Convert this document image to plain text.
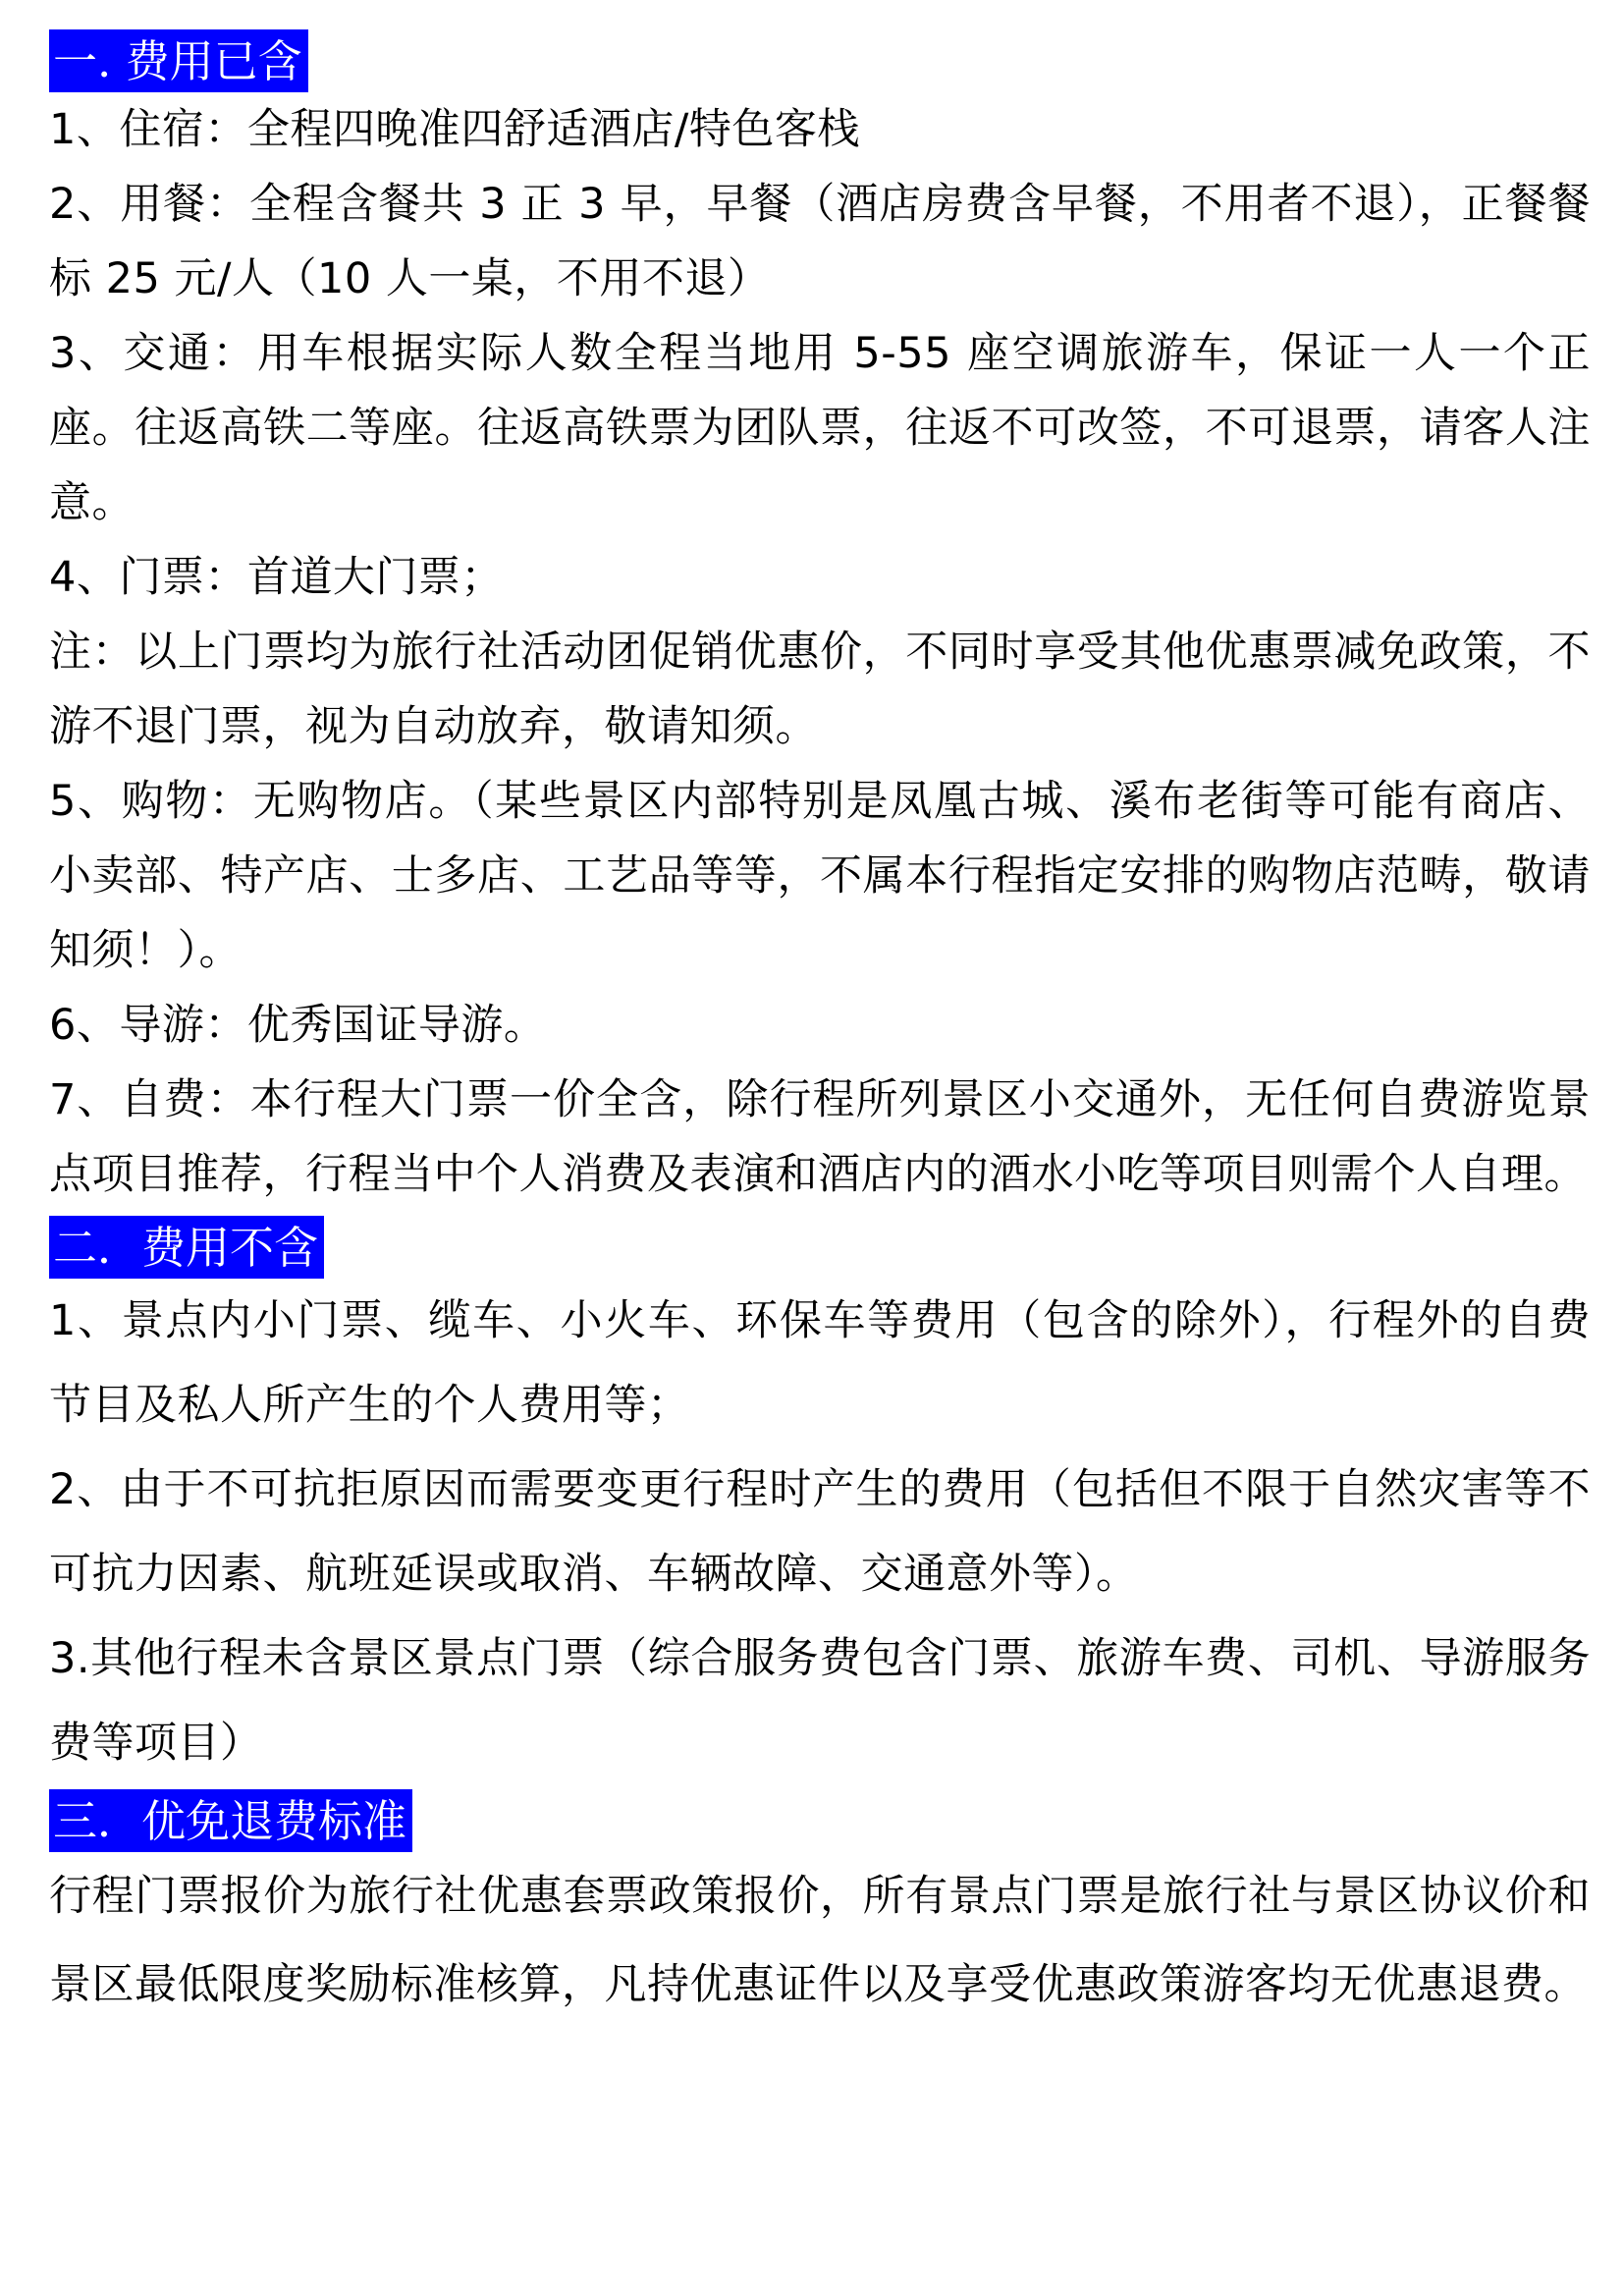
一. 费用已含

1、住宿：全程四晚准四舒适酒店/特色客栈

2、用餐：全程含餐共 3 正 3 早，早餐（酒店房费含早餐，不用者不退），正餐餐标 25 元/人（10 人一桌，不用不退）

3、交通：用车根据实际人数全程当地用 5-55 座空调旅游车，保证一人一个正座。往返高铁二等座。往返高铁票为团队票，往返不可改签，不可退票，请客人注意。

4、门票：首道大门票；

注：以上门票均为旅行社活动团促销优惠价，不同时享受其他优惠票减免政策，不游不退门票，视为自动放弃，敬请知须。

5、购物：无购物店。（某些景区内部特别是凤凰古城、溪布老街等可能有商店、小卖部、特产店、士多店、工艺品等等，不属本行程指定安排的购物店范畴，敬请知须！）。

6、导游：优秀国证导游。

7、自费：本行程大门票一价全含，除行程所列景区小交通外，无任何自费游览景点项目推荐，行程当中个人消费及表演和酒店内的酒水小吃等项目则需个人自理。

二．费用不含

1、景点内小门票、缆车、小火车、环保车等费用（包含的除外），行程外的自费节目及私人所产生的个人费用等；

2、由于不可抗拒原因而需要变更行程时产生的费用（包括但不限于自然灾害等不可抗力因素、航班延误或取消、车辆故障、交通意外等）。

3.其他行程未含景区景点门票（综合服务费包含门票、旅游车费、司机、导游服务费等项目）

三．优免退费标准

行程门票报价为旅行社优惠套票政策报价，所有景点门票是旅行社与景区协议价和景区最低限度奖励标准核算，凡持优惠证件以及享受优惠政策游客均无优惠退费。
